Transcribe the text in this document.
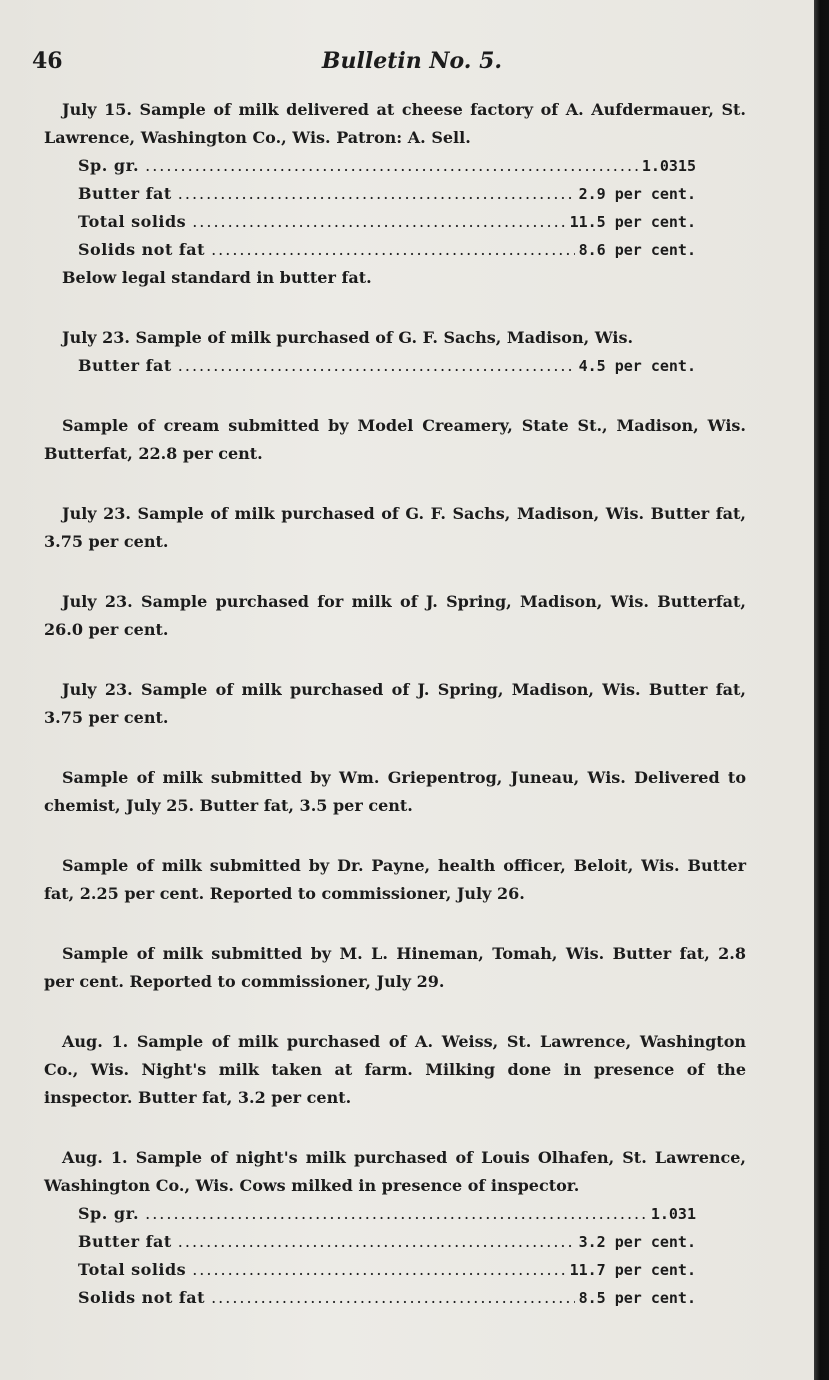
46	Bulletin No. 5.

July 15. Sample of milk delivered at cheese factory of A. Aufdermauer, St. Lawrence, Washington Co., Wis. Patron: A. Sell.

Sp. gr. .....	1.0315
Butter fat .....	2.9 per cent.
Total solids .....	11.5 per cent.
Solids not fat .....	8.6 per cent.

Below legal standard in butter fat.

July 23. Sample of milk purchased of G. F. Sachs, Madison, Wis.

Butter fat .....	4.5 per cent.

Sample of cream submitted by Model Creamery, State St., Madison, Wis. Butterfat, 22.8 per cent.

July 23. Sample of milk purchased of G. F. Sachs, Madison, Wis. Butter fat, 3.75 per cent.

July 23. Sample purchased for milk of J. Spring, Madison, Wis. Butterfat, 26.0 per cent.

July 23. Sample of milk purchased of J. Spring, Madison, Wis. Butter fat, 3.75 per cent.

Sample of milk submitted by Wm. Griepentrog, Juneau, Wis. Delivered to chemist, July 25. Butter fat, 3.5 per cent.

Sample of milk submitted by Dr. Payne, health officer, Beloit, Wis. Butter fat, 2.25 per cent. Reported to commissioner, July 26.

Sample of milk submitted by M. L. Hineman, Tomah, Wis. Butter fat, 2.8 per cent. Reported to commissioner, July 29.

Aug. 1. Sample of milk purchased of A. Weiss, St. Lawrence, Washington Co., Wis. Night's milk taken at farm. Milking done in presence of the inspector. Butter fat, 3.2 per cent.

Aug. 1. Sample of night's milk purchased of Louis Olhafen, St. Lawrence, Washington Co., Wis. Cows milked in presence of inspector.

Sp. gr. .....	1.031
Butter fat .....	3.2 per cent.
Total solids .....	11.7 per cent.
Solids not fat .....	8.5 per cent.
